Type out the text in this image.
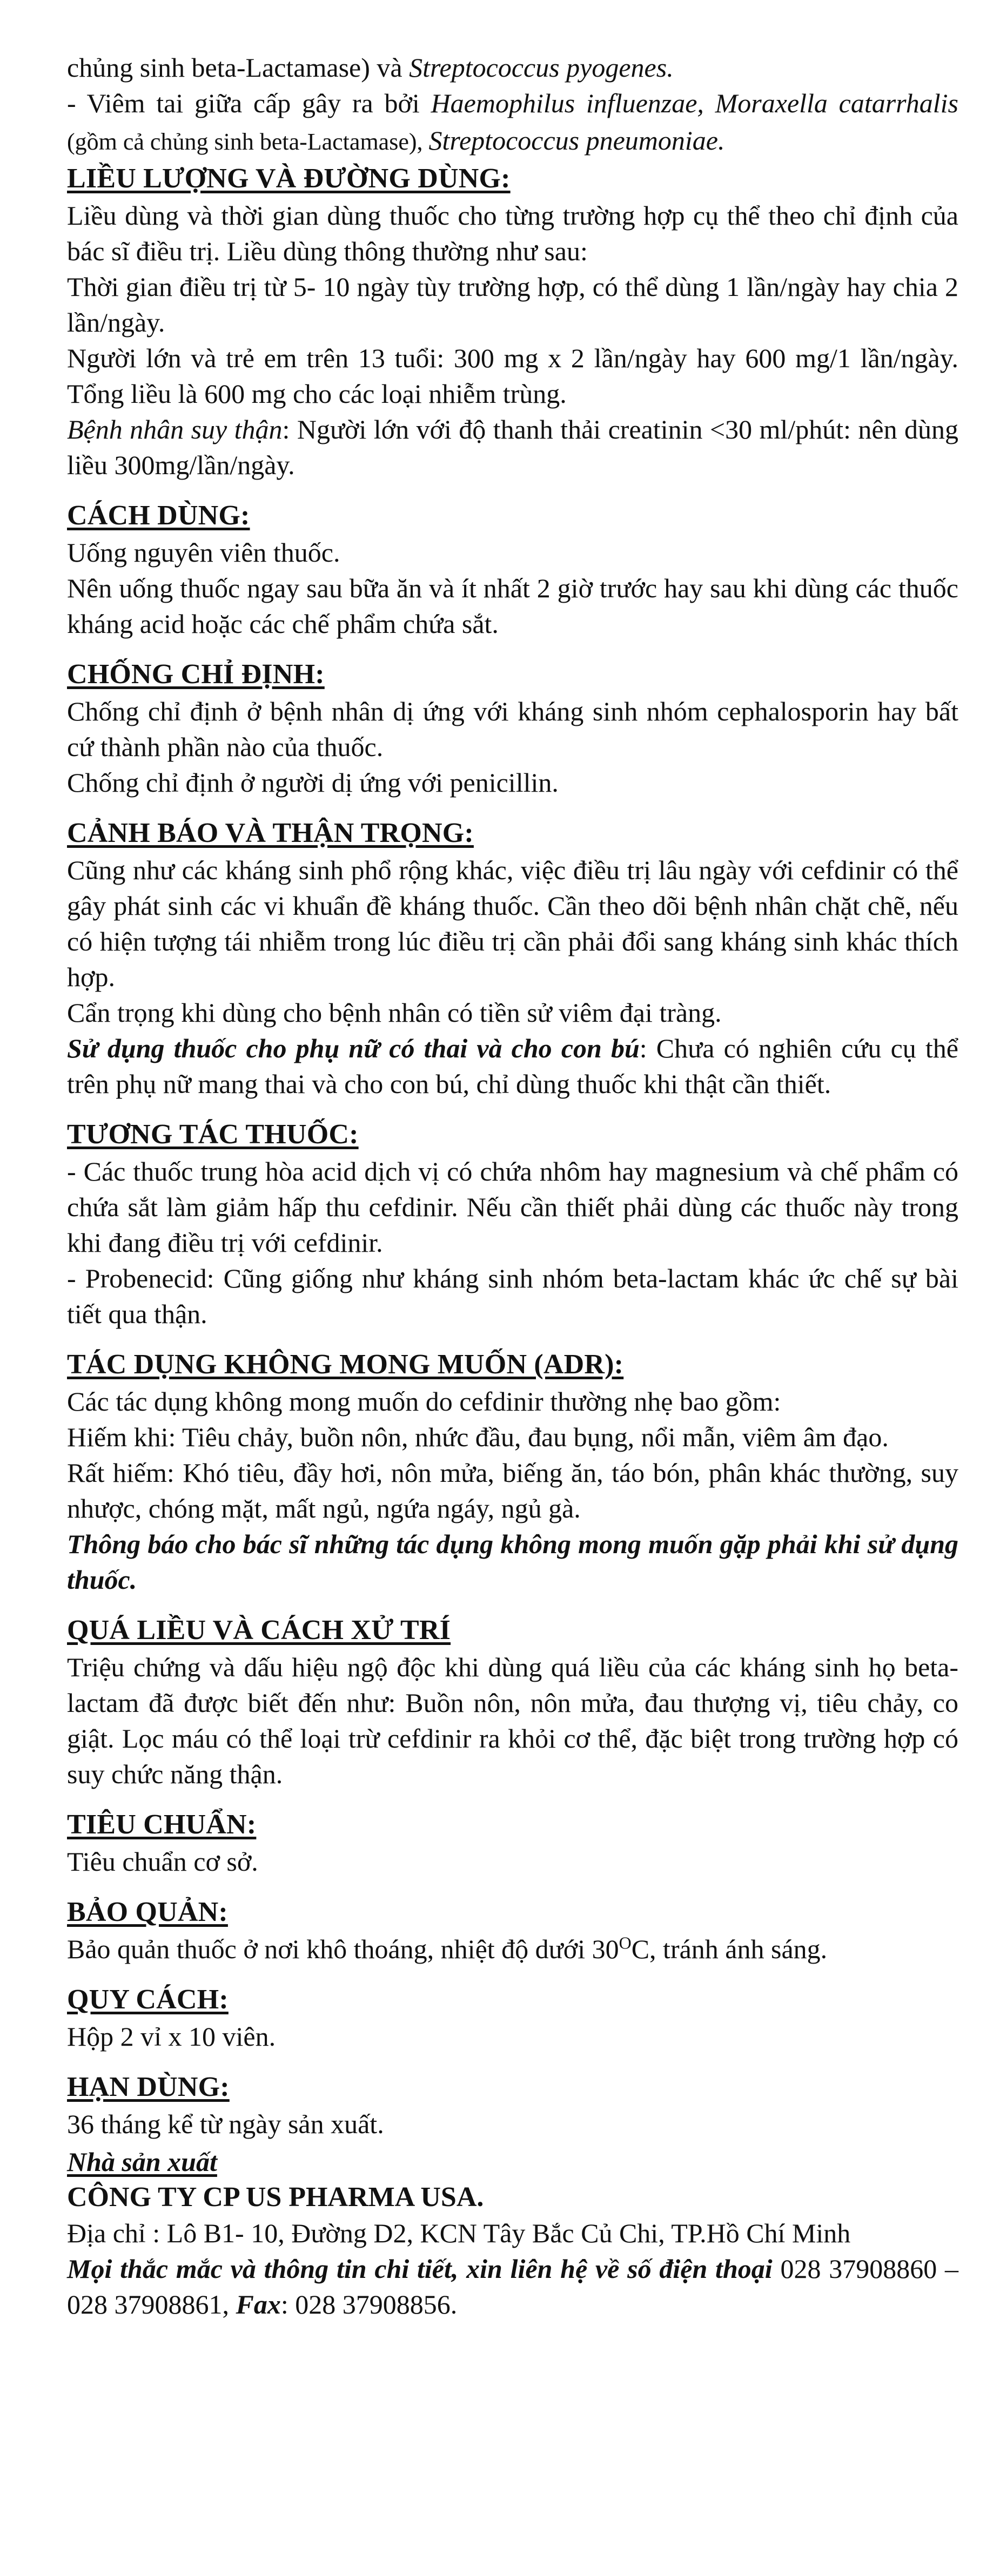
chủng sinh beta-Lactamase) và Streptococcus pyogenes.

- Viêm tai giữa cấp gây ra bởi Haemophilus influenzae, Moraxella catarrhalis (gồm cả chủng sinh beta-Lactamase), Streptococcus pneumoniae.

LIỀU LƯỢNG VÀ ĐƯỜNG DÙNG:

Liều dùng và thời gian dùng thuốc cho từng trường hợp cụ thể theo chỉ định của bác sĩ điều trị. Liều dùng thông thường như sau:

Thời gian điều trị từ 5- 10 ngày tùy trường hợp, có thể dùng 1 lần/ngày hay chia 2 lần/ngày.

Người lớn và trẻ em trên 13 tuổi: 300 mg x 2 lần/ngày hay 600 mg/1 lần/ngày. Tổng liều là 600 mg cho các loại nhiễm trùng.

Bệnh nhân suy thận: Người lớn với độ thanh thải creatinin <30 ml/phút: nên dùng liều 300mg/lần/ngày.

CÁCH DÙNG:

Uống nguyên viên thuốc.

Nên uống thuốc ngay sau bữa ăn và ít nhất 2 giờ trước hay sau khi dùng các thuốc kháng acid hoặc các chế phẩm chứa sắt.

CHỐNG CHỈ ĐỊNH:

Chống chỉ định ở bệnh nhân dị ứng với kháng sinh nhóm cephalosporin hay bất cứ thành phần nào của thuốc.

Chống chỉ định ở người dị ứng với penicillin.

CẢNH BÁO VÀ THẬN TRỌNG:

Cũng như các kháng sinh phổ rộng khác, việc điều trị lâu ngày với cefdinir có thể gây phát sinh các vi khuẩn đề kháng thuốc. Cần theo dõi bệnh nhân chặt chẽ, nếu có hiện tượng tái nhiễm trong lúc điều trị cần phải đổi sang kháng sinh khác thích hợp.

Cẩn trọng khi dùng cho bệnh nhân có tiền sử viêm đại tràng.

Sử dụng thuốc cho phụ nữ có thai và cho con bú: Chưa có nghiên cứu cụ thể trên phụ nữ mang thai và cho con bú, chỉ dùng thuốc khi thật cần thiết.

TƯƠNG TÁC THUỐC:

- Các thuốc trung hòa acid dịch vị có chứa nhôm hay magnesium và chế phẩm có chứa sắt làm giảm hấp thu cefdinir. Nếu cần thiết phải dùng các thuốc này trong khi đang điều trị với cefdinir.

- Probenecid: Cũng giống như kháng sinh nhóm beta-lactam khác ức chế sự bài tiết qua thận.

TÁC DỤNG KHÔNG MONG MUỐN (ADR):

Các tác dụng không mong muốn do cefdinir thường nhẹ bao gồm:

Hiếm khi: Tiêu chảy, buồn nôn, nhức đầu, đau bụng, nổi mẫn, viêm âm đạo.

Rất hiếm: Khó tiêu, đầy hơi, nôn mửa, biếng ăn, táo bón, phân khác thường, suy nhược, chóng mặt, mất ngủ, ngứa ngáy, ngủ gà.

Thông báo cho bác sĩ những tác dụng không mong muốn gặp phải khi sử dụng thuốc.

QUÁ LIỀU VÀ CÁCH XỬ TRÍ

Triệu chứng và dấu hiệu ngộ độc khi dùng quá liều của các kháng sinh họ beta-lactam đã được biết đến như: Buồn nôn, nôn mửa, đau thượng vị, tiêu chảy, co giật. Lọc máu có thể loại trừ cefdinir ra khỏi cơ thể, đặc biệt trong trường hợp có suy chức năng thận.

TIÊU CHUẨN:

Tiêu chuẩn cơ sở.

BẢO QUẢN:

Bảo quản thuốc ở nơi khô thoáng, nhiệt độ dưới $30^OC$, tránh ánh sáng.

QUY CÁCH:

Hộp 2 vỉ x 10 viên.

HẠN DÙNG:

36 tháng kể từ ngày sản xuất.

Nhà sản xuất

CÔNG TY CP US PHARMA USA.

Địa chỉ : Lô B1- 10, Đường D2, KCN Tây Bắc Củ Chi, TP.Hồ Chí Minh

Mọi thắc mắc và thông tin chi tiết, xin liên hệ về số điện thoại 028 37908860 – 028 37908861, Fax: 028 37908856.
